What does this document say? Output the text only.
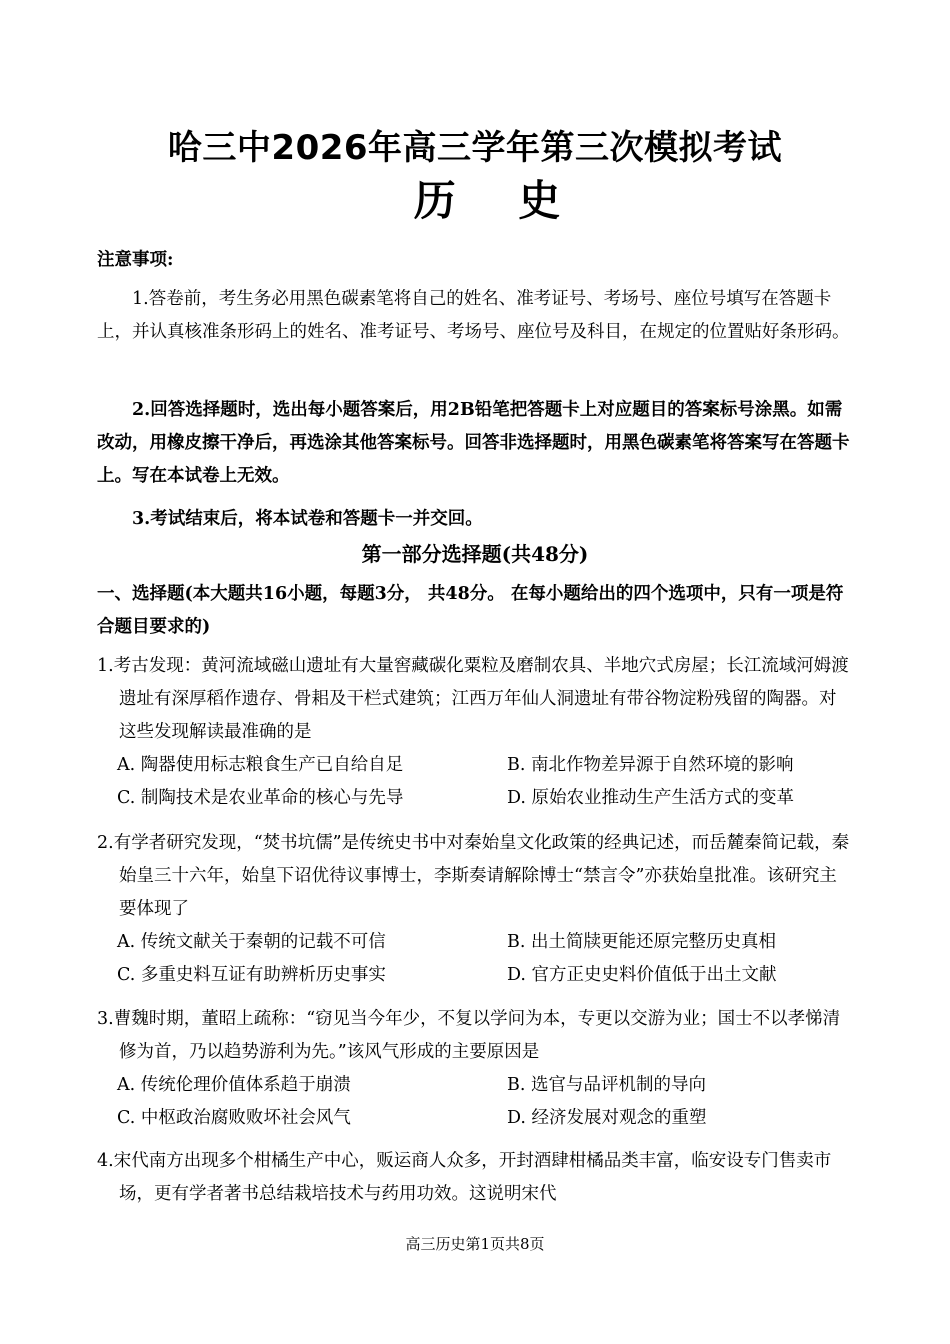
哈三中2026年高三学年第三次模拟考试
历 史
注意事项:
1.答卷前，考生务必用黑色碳素笔将自己的姓名、准考证号、考场号、座位号填写在答题卡上，并认真核准条形码上的姓名、准考证号、考场号、座位号及科目，在规定的位置贴好条形码。
2.回答选择题时，选出每小题答案后，用2B铅笔把答题卡上对应题目的答案标号涂黑。如需改动，用橡皮擦干净后，再选涂其他答案标号。回答非选择题时，用黑色碳素笔将答案写在答题卡上。写在本试卷上无效。
3.考试结束后，将本试卷和答题卡一并交回。
第一部分选择题(共48分)
一、选择题(本大题共16小题，每题3分， 共48分。 在每小题给出的四个选项中，只有一项是符合题目要求的)
1.考古发现：黄河流域磁山遗址有大量窖藏碳化粟粒及磨制农具、半地穴式房屋；长江流域河姆渡遗址有深厚稻作遗存、骨耜及干栏式建筑；江西万年仙人洞遗址有带谷物淀粉残留的陶器。对这些发现解读最准确的是
A. 陶器使用标志粮食生产已自给自足	B. 南北作物差异源于自然环境的影响
C. 制陶技术是农业革命的核心与先导	D. 原始农业推动生产生活方式的变革
2.有学者研究发现，“焚书坑儒”是传统史书中对秦始皇文化政策的经典记述，而岳麓秦简记载，秦始皇三十六年，始皇下诏优待议事博士，李斯奏请解除博士“禁言令”亦获始皇批准。该研究主要体现了
A. 传统文献关于秦朝的记载不可信	B. 出土简牍更能还原完整历史真相
C. 多重史料互证有助辨析历史事实	D. 官方正史史料价值低于出土文献
3.曹魏时期，董昭上疏称：“窃见当今年少，不复以学问为本，专更以交游为业；国士不以孝悌清修为首，乃以趋势游利为先。”该风气形成的主要原因是
A. 传统伦理价值体系趋于崩溃	B. 选官与品评机制的导向
C. 中枢政治腐败败坏社会风气	D. 经济发展对观念的重塑
4.宋代南方出现多个柑橘生产中心，贩运商人众多，开封酒肆柑橘品类丰富，临安设专门售卖市场，更有学者著书总结栽培技术与药用功效。这说明宋代
高三历史第1页共8页
